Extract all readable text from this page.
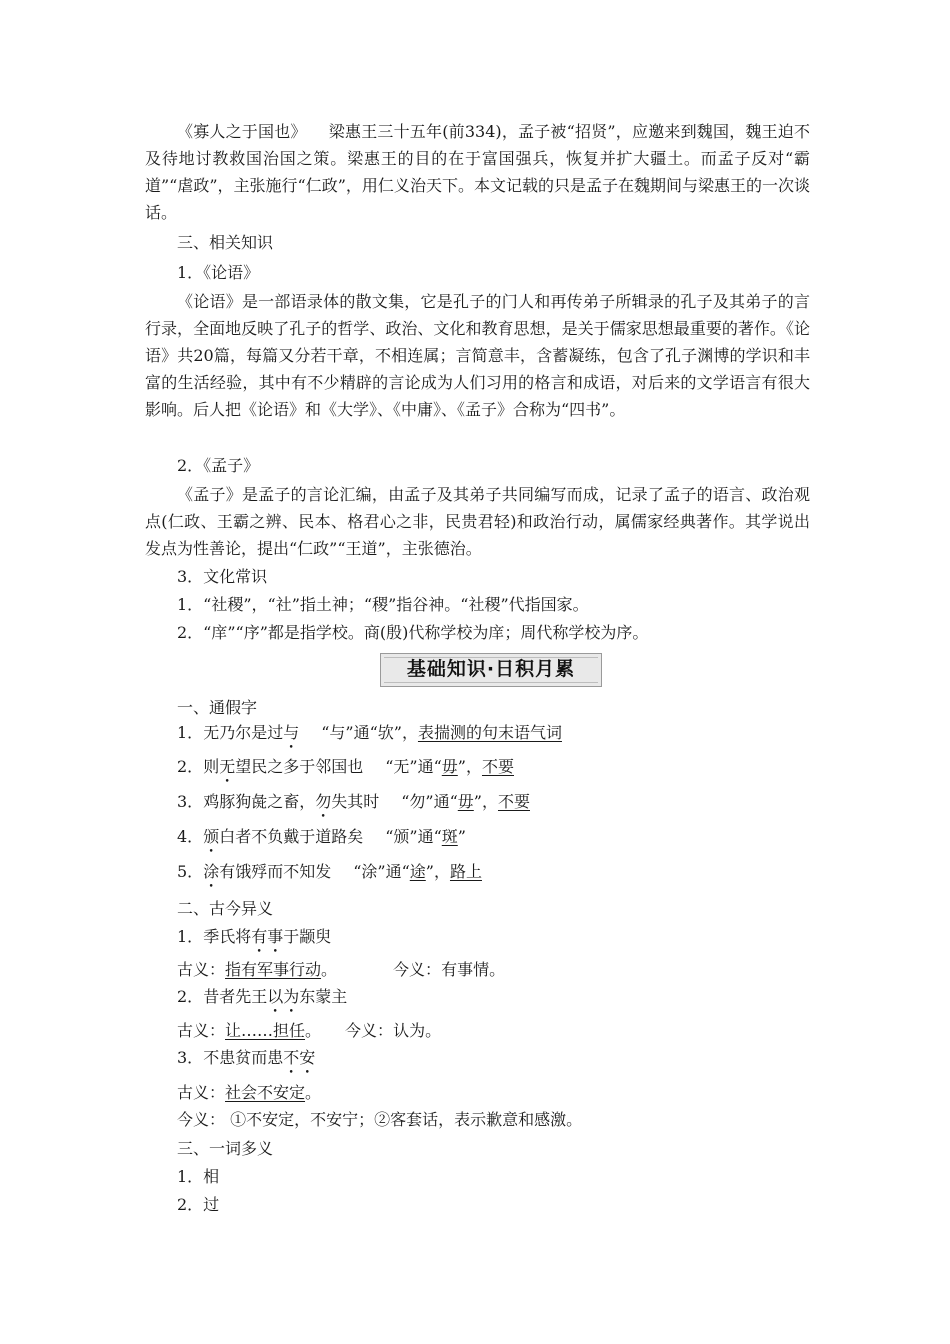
《寡人之于国也》 梁惠王三十五年(前334)，孟子被“招贤”，应邀来到魏国，魏王迫不及待地讨教救国治国之策。梁惠王的目的在于富国强兵，恢复并扩大疆土。而孟子反对“霸道”“虐政”，主张施行“仁政”，用仁义治天下。本文记载的只是孟子在魏期间与梁惠王的一次谈话。

三、相关知识
1．《论语》

《论语》是一部语录体的散文集，它是孔子的门人和再传弟子所辑录的孔子及其弟子的言行录，全面地反映了孔子的哲学、政治、文化和教育思想，是关于儒家思想最重要的著作。《论语》共20篇，每篇又分若干章，不相连属；言简意丰，含蓄凝练，包含了孔子渊博的学识和丰富的生活经验，其中有不少精辟的言论成为人们习用的格言和成语，对后来的文学语言有很大影响。后人把《论语》和《大学》、《中庸》、《孟子》合称为“四书”。

2．《孟子》

《孟子》是孟子的言论汇编，由孟子及其弟子共同编写而成，记录了孟子的语言、政治观点(仁政、王霸之辨、民本、格君心之非，民贵君轻)和政治行动，属儒家经典著作。其学说出发点为性善论，提出“仁政”“王道”，主张德治。

3．文化常识
1．“社稷”，“社”指土神；“稷”指谷神。“社稷”代指国家。
2．“庠”“序”都是指学校。商(殷)代称学校为庠；周代称学校为序。
基础知识·日积月累
一、通假字
1．无乃尔是过与 “与”通“欤”，表揣测的句末语气词
2．则无望民之多于邻国也 “无”通“毋”，不要
3．鸡豚狗彘之畜，勿失其时 “勿”通“毋”，不要
4．颁白者不负戴于道路矣 “颁”通“斑”
5．涂有饿殍而不知发 “涂”通“途”，路上
二、古今异义
1．季氏将有事于颛臾
古义：指有军事行动。	今义：有事情。
2．昔者先王以为东蒙主
古义：让……担任。 今义：认为。
3．不患贫而患不安
古义：社会不安定。
今义： ①不安定，不安宁；②客套话，表示歉意和感激。
三、一词多义
1．相
2．过
